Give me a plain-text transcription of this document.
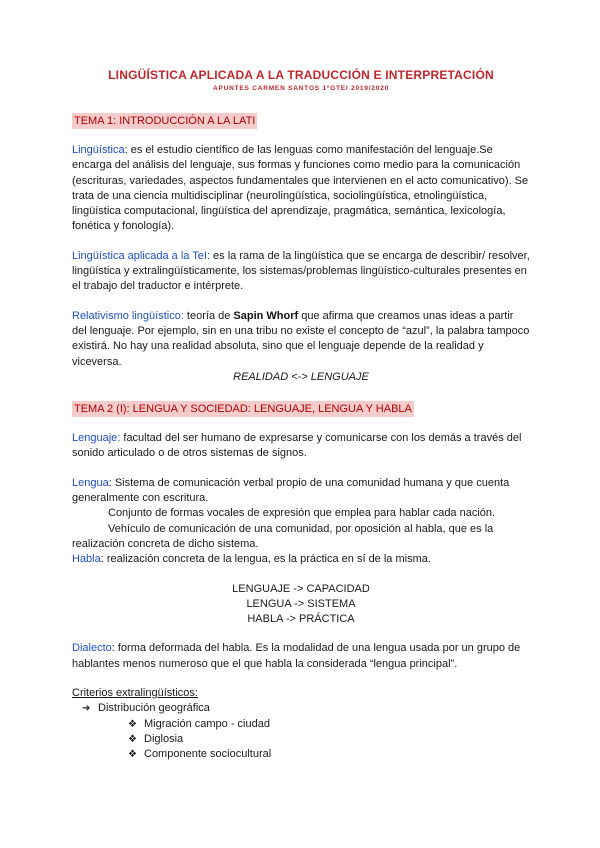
LINGÜÍSTICA APLICADA A LA TRADUCCIÓN E INTERPRETACIÓN
APUNTES CARMEN SANTOS 1ºGTEI 2019/2020
TEMA 1: INTRODUCCIÓN A LA LATI

Lingüística: es el estudio científico de las lenguas como manifestación del lenguaje.Se encarga del análisis del lenguaje, sus formas y funciones como medio para la comunicación (escrituras, variedades, aspectos fundamentales que intervienen en el acto comunicativo). Se trata de una ciencia multidisciplinar (neurolingüística, sociolingüística, etnolingüística, lingüística computacional, lingüística del aprendizaje, pragmática, semántica, lexicología, fonética y fonología).

Lingüística aplicada a la TeI: es la rama de la lingüística que se encarga de describir/ resolver, lingüística y extralingüísticamente, los sistemas/problemas lingüístico-culturales presentes en el trabajo del traductor e intérprete.

Relativismo lingüístico: teoría de Sapin Whorf que afirma que creamos unas ideas a partir del lenguaje. Por ejemplo, sin en una tribu no existe el concepto de “azul”, la palabra tampoco existirá. No hay una realidad absoluta, sino que el lenguaje depende de la realidad y viceversa.

REALIDAD <-> LENGUAJE

TEMA 2 (I): LENGUA Y SOCIEDAD: LENGUAJE, LENGUA Y HABLA

Lenguaje: facultad del ser humano de expresarse y comunicarse con los demás a través del sonido articulado o de otros sistemas de signos.

Lengua: Sistema de comunicación verbal propio de una comunidad humana y que cuenta generalmente con escritura.

Conjunto de formas vocales de expresión que emplea para hablar cada nación.

Vehículo de comunicación de una comunidad, por oposición al habla, que es la

realización concreta de dicho sistema.

Habla: realización concreta de la lengua, es la práctica en sí de la misma.

LENGUAJE -> CAPACIDAD

LENGUA -> SISTEMA

HABLA -> PRÁCTICA

Dialecto: forma deformada del habla. Es la modalidad de una lengua usada por un grupo de hablantes menos numeroso que el que habla la considerada “lengua principal”.

Criterios extralingüísticos:

➔ Distribución geográfica
❖ Migración campo - ciudad
❖ Diglosia
❖ Componente sociocultural
